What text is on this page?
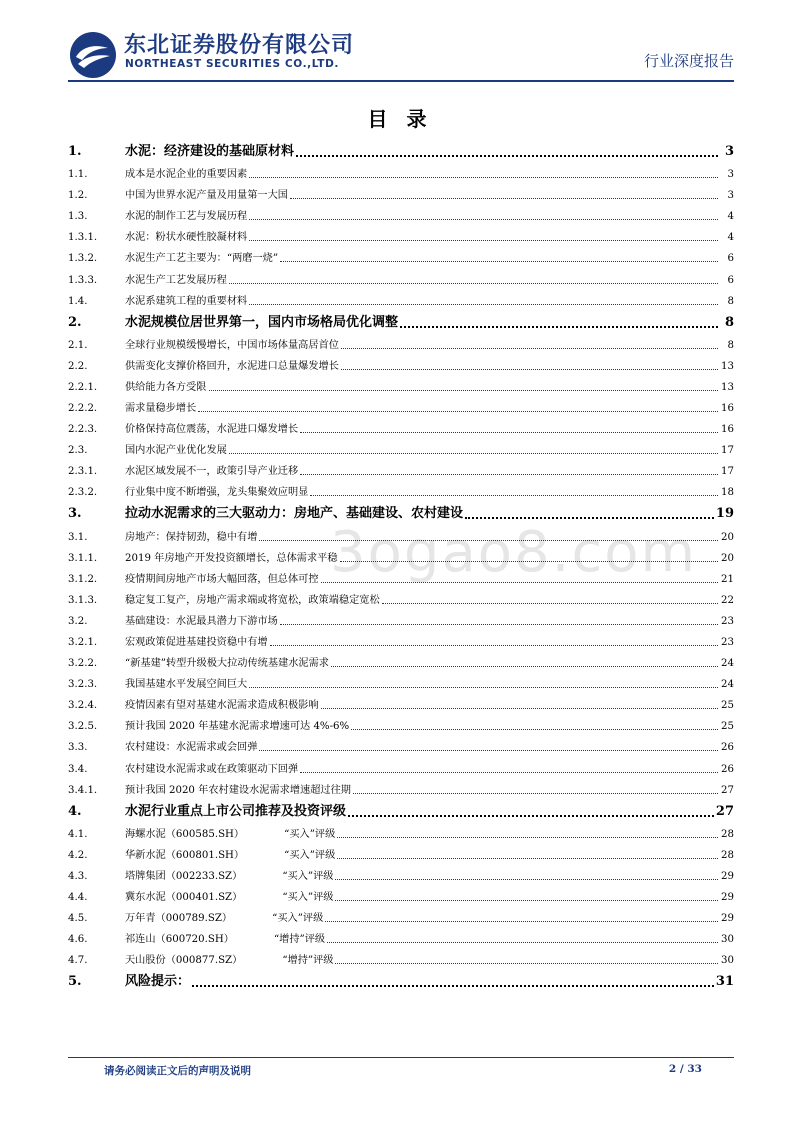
东北证券股份有限公司
NORTHEAST SECURITIES CO.,LTD.	行业深度报告
目 录
3ogao8.com
1.	水泥：经济建设的基础原材料	3
1.1.	成本是水泥企业的重要因素	3
1.2.	中国为世界水泥产量及用量第一大国	3
1.3.	水泥的制作工艺与发展历程	4
1.3.1.	水泥：粉状水硬性胶凝材料	4
1.3.2.	水泥生产工艺主要为：“两磨一烧”	6
1.3.3.	水泥生产工艺发展历程	6
1.4.	水泥系建筑工程的重要材料	8
2.	水泥规模位居世界第一，国内市场格局优化调整	8
2.1.	全球行业规模缓慢增长，中国市场体量高居首位	8
2.2.	供需变化支撑价格回升，水泥进口总量爆发增长	13
2.2.1.	供给能力各方受限	13
2.2.2.	需求量稳步增长	16
2.2.3.	价格保持高位震荡，水泥进口爆发增长	16
2.3.	国内水泥产业优化发展	17
2.3.1.	水泥区域发展不一，政策引导产业迁移	17
2.3.2.	行业集中度不断增强，龙头集聚效应明显	18
3.	拉动水泥需求的三大驱动力：房地产、基础建设、农村建设	19
3.1.	房地产：保持韧劲，稳中有增	20
3.1.1.	2019 年房地产开发投资额增长，总体需求平稳	20
3.1.2.	疫情期间房地产市场大幅回落，但总体可控	21
3.1.3.	稳定复工复产，房地产需求端或将宽松，政策端稳定宽松	22
3.2.	基础建设：水泥最具潜力下游市场	23
3.2.1.	宏观政策促进基建投资稳中有增	23
3.2.2.	“新基建”转型升级极大拉动传统基建水泥需求	24
3.2.3.	我国基建水平发展空间巨大	24
3.2.4.	疫情因素有望对基建水泥需求造成积极影响	25
3.2.5.	预计我国 2020 年基建水泥需求增速可达 4%-6%	25
3.3.	农村建设：水泥需求或会回弹	26
3.4.	农村建设水泥需求或在政策驱动下回弹	26
3.4.1.	预计我国 2020 年农村建设水泥需求增速超过往期	27
4.	水泥行业重点上市公司推荐及投资评级	27
4.1.	海螺水泥（600585.SH）	“买入”评级	28
4.2.	华新水泥（600801.SH）	“买入”评级	28
4.3.	塔牌集团（002233.SZ）	“买入”评级	29
4.4.	冀东水泥（000401.SZ）	“买入”评级	29
4.5.	万年青（000789.SZ）	“买入”评级	29
4.6.	祁连山（600720.SH）	“增持”评级	30
4.7.	天山股份（000877.SZ）	“增持”评级	30
5.	风险提示：	31
请务必阅读正文后的声明及说明	2 / 33
